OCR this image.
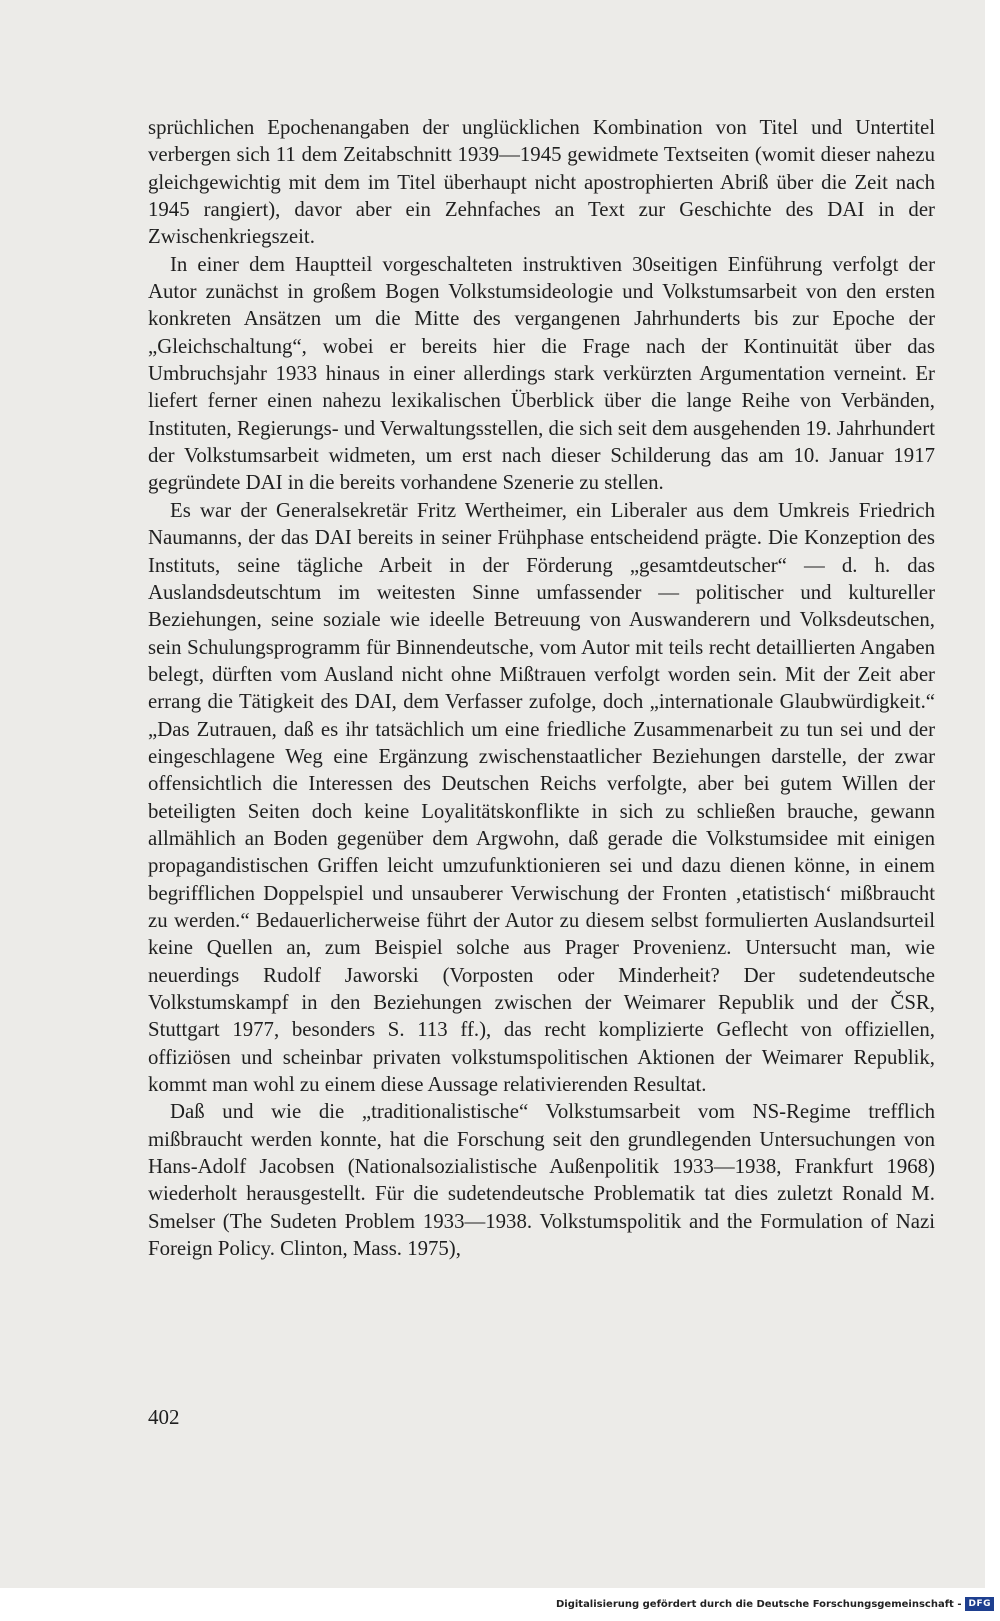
sprüchlichen Epochenangaben der unglücklichen Kombination von Titel und Untertitel verbergen sich 11 dem Zeitabschnitt 1939—1945 gewidmete Textseiten (womit dieser nahezu gleichgewichtig mit dem im Titel überhaupt nicht apostrophierten Abriß über die Zeit nach 1945 rangiert), davor aber ein Zehnfaches an Text zur Geschichte des DAI in der Zwischenkriegszeit.

In einer dem Hauptteil vorgeschalteten instruktiven 30seitigen Einführung verfolgt der Autor zunächst in großem Bogen Volkstumsideologie und Volkstumsarbeit von den ersten konkreten Ansätzen um die Mitte des vergangenen Jahrhunderts bis zur Epoche der „Gleichschaltung“, wobei er bereits hier die Frage nach der Kontinuität über das Umbruchsjahr 1933 hinaus in einer allerdings stark verkürzten Argumentation verneint. Er liefert ferner einen nahezu lexikalischen Überblick über die lange Reihe von Verbänden, Instituten, Regierungs- und Verwaltungsstellen, die sich seit dem ausgehenden 19. Jahrhundert der Volkstumsarbeit widmeten, um erst nach dieser Schilderung das am 10. Januar 1917 gegründete DAI in die bereits vorhandene Szenerie zu stellen.

Es war der Generalsekretär Fritz Wertheimer, ein Liberaler aus dem Umkreis Friedrich Naumanns, der das DAI bereits in seiner Frühphase entscheidend prägte. Die Konzeption des Instituts, seine tägliche Arbeit in der Förderung „gesamtdeutscher“ — d. h. das Auslandsdeutschtum im weitesten Sinne umfassender — politischer und kultureller Beziehungen, seine soziale wie ideelle Betreuung von Auswanderern und Volksdeutschen, sein Schulungsprogramm für Binnendeutsche, vom Autor mit teils recht detaillierten Angaben belegt, dürften vom Ausland nicht ohne Mißtrauen verfolgt worden sein. Mit der Zeit aber errang die Tätigkeit des DAI, dem Verfasser zufolge, doch „internationale Glaubwürdigkeit.“ „Das Zutrauen, daß es ihr tatsächlich um eine friedliche Zusammenarbeit zu tun sei und der eingeschlagene Weg eine Ergänzung zwischenstaatlicher Beziehungen darstelle, der zwar offensichtlich die Interessen des Deutschen Reichs verfolgte, aber bei gutem Willen der beteiligten Seiten doch keine Loyalitätskonflikte in sich zu schließen brauche, gewann allmählich an Boden gegenüber dem Argwohn, daß gerade die Volkstumsidee mit einigen propagandistischen Griffen leicht umzufunktionieren sei und dazu dienen könne, in einem begrifflichen Doppelspiel und unsauberer Verwischung der Fronten ‚etatistisch‘ mißbraucht zu werden.“ Bedauerlicherweise führt der Autor zu diesem selbst formulierten Auslandsurteil keine Quellen an, zum Beispiel solche aus Prager Provenienz. Untersucht man, wie neuerdings Rudolf Jaworski (Vorposten oder Minderheit? Der sudetendeutsche Volkstumskampf in den Beziehungen zwischen der Weimarer Republik und der ČSR, Stuttgart 1977, besonders S. 113 ff.), das recht komplizierte Geflecht von offiziellen, offiziösen und scheinbar privaten volkstumspolitischen Aktionen der Weimarer Republik, kommt man wohl zu einem diese Aussage relativierenden Resultat.

Daß und wie die „traditionalistische“ Volkstumsarbeit vom NS-Regime trefflich mißbraucht werden konnte, hat die Forschung seit den grundlegenden Untersuchungen von Hans-Adolf Jacobsen (Nationalsozialistische Außenpolitik 1933—1938, Frankfurt 1968) wiederholt herausgestellt. Für die sudetendeutsche Problematik tat dies zuletzt Ronald M. Smelser (The Sudeten Problem 1933—1938. Volkstumspolitik and the Formulation of Nazi Foreign Policy. Clinton, Mass. 1975),

402
Digitalisierung gefördert durch die Deutsche Forschungsgemeinschaft - DFG
